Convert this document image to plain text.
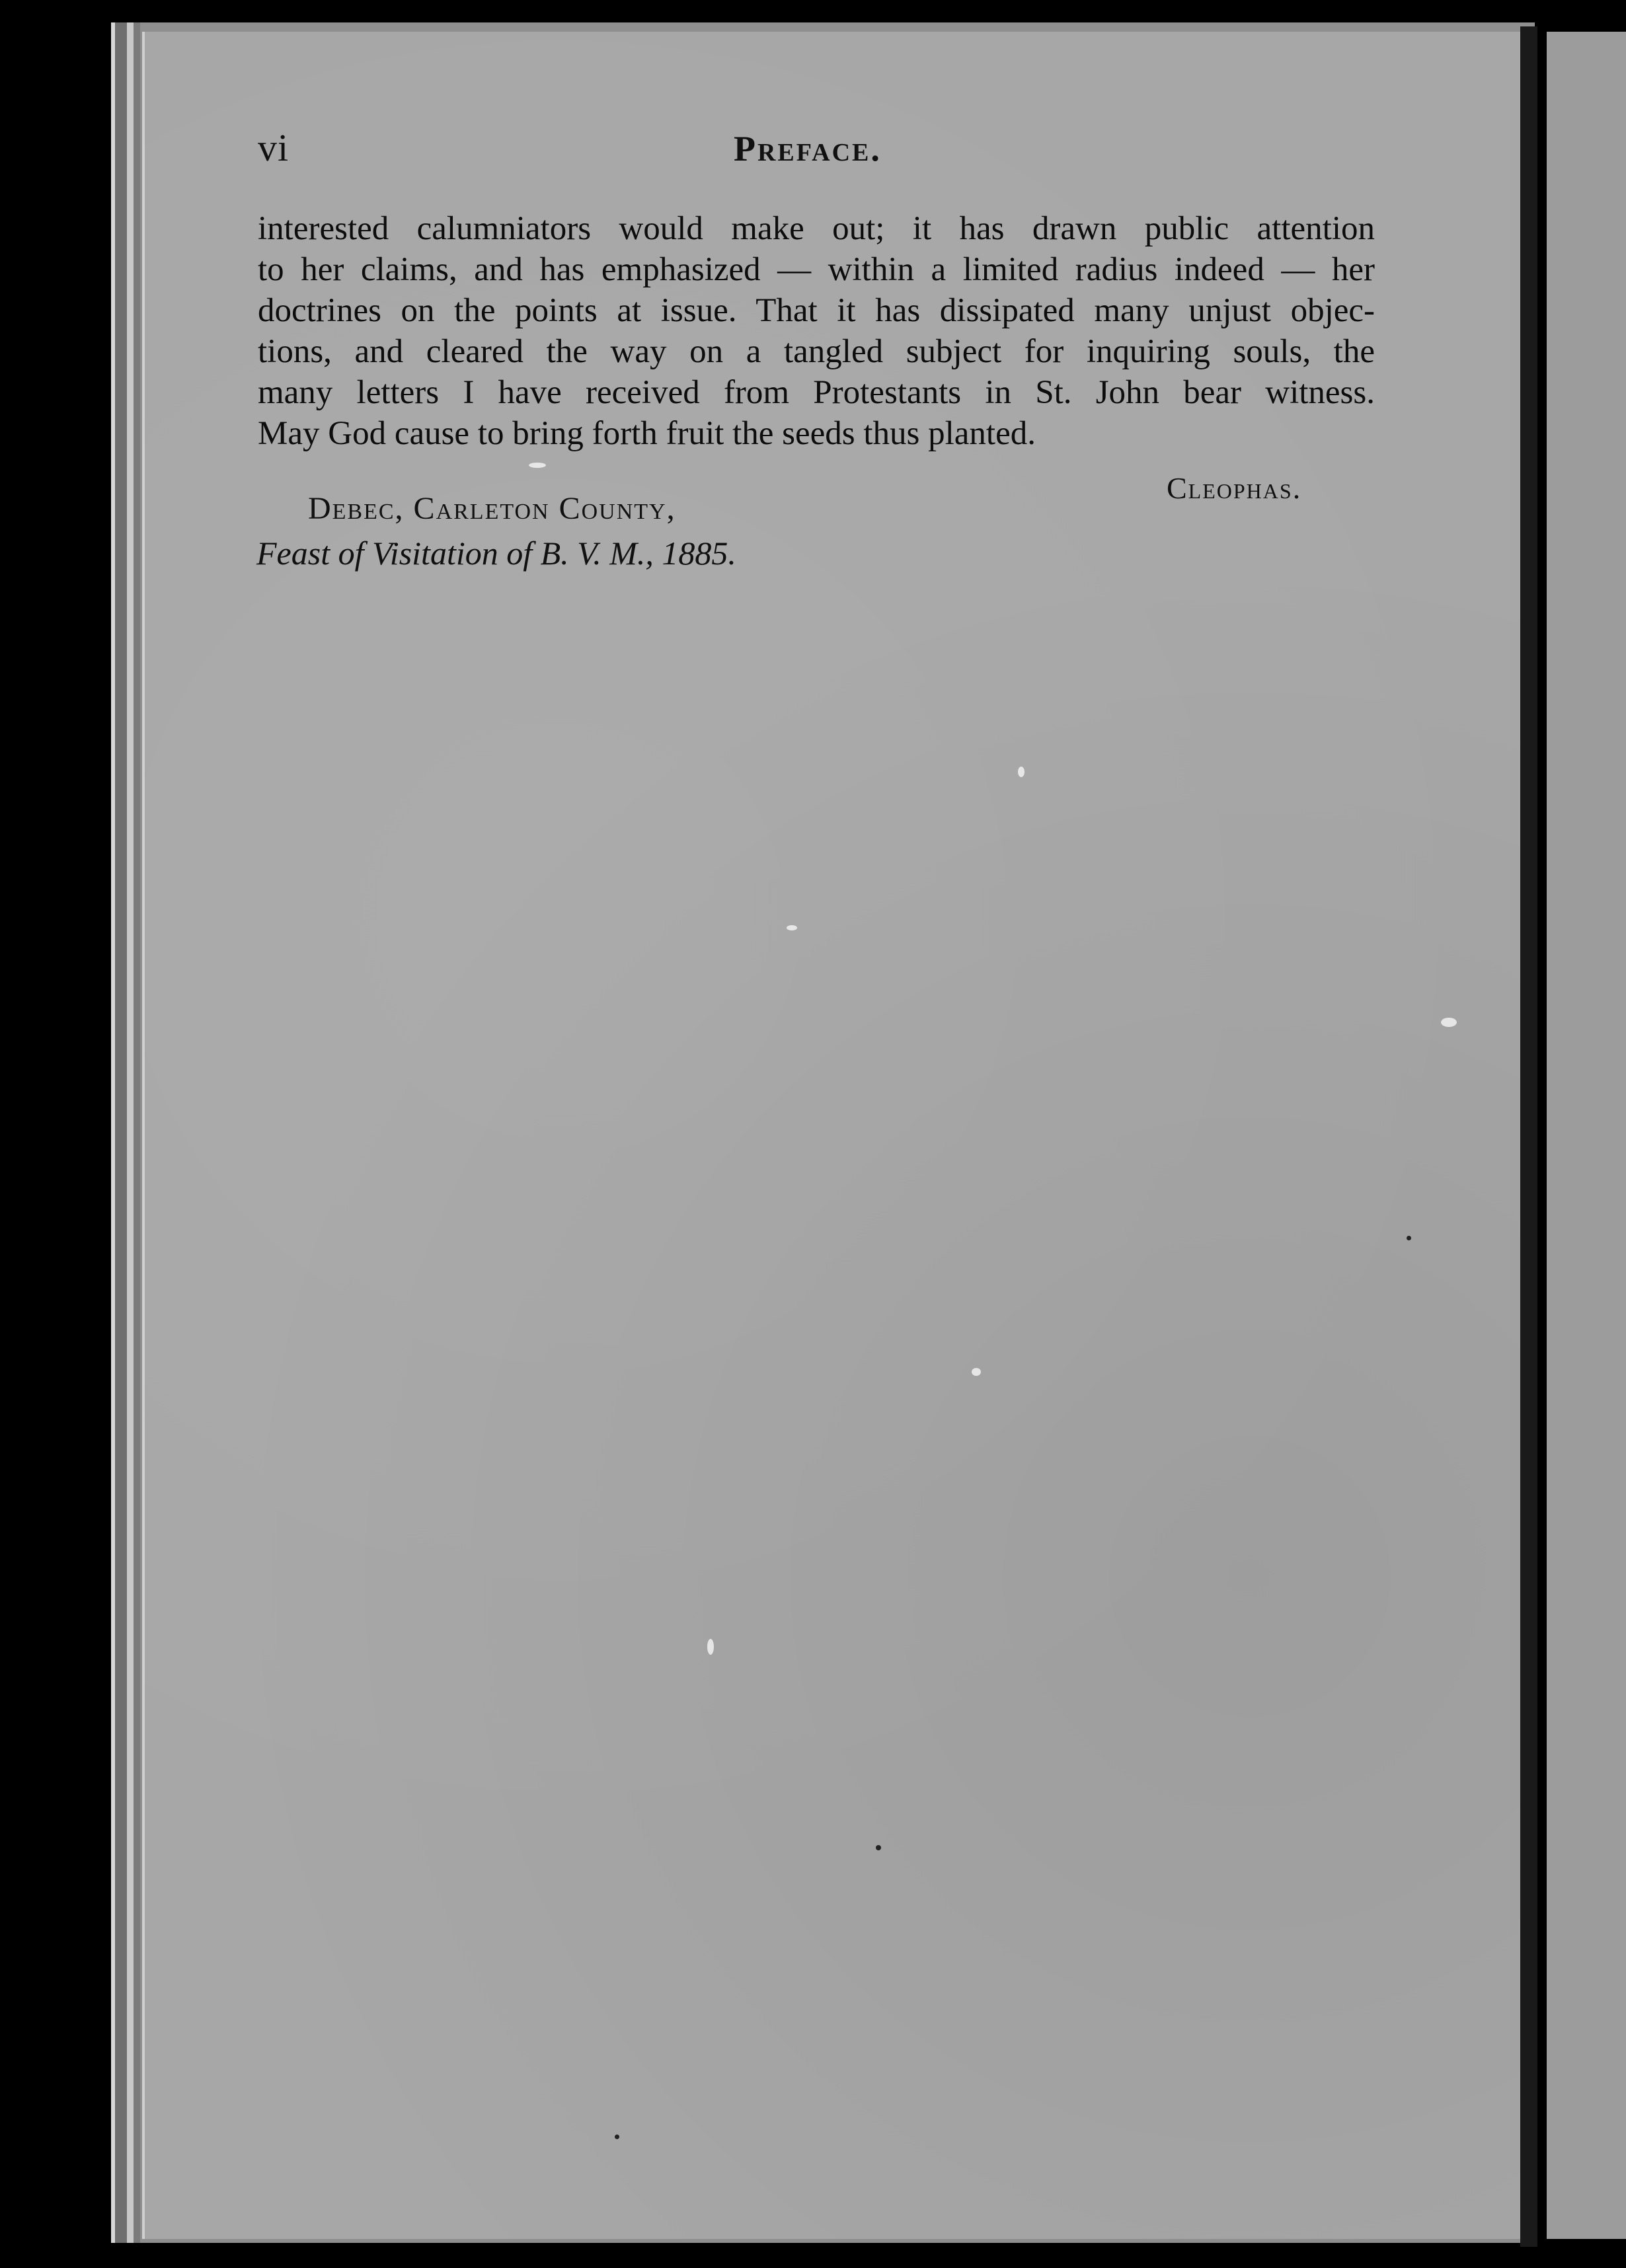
vi	Preface.
interested calumniators would make out; it has drawn public attention
to her claims, and has emphasized — within a limited radius indeed — her
doctrines on the points at issue. That it has dissipated many unjust objec-
tions, and cleared the way on a tangled subject for inquiring souls, the
many letters I have received from Protestants in St. John bear witness.
May God cause to bring forth fruit the seeds thus planted.
Cleophas.
Debec, Carleton County,
Feast of Visitation of B. V. M., 1885.
